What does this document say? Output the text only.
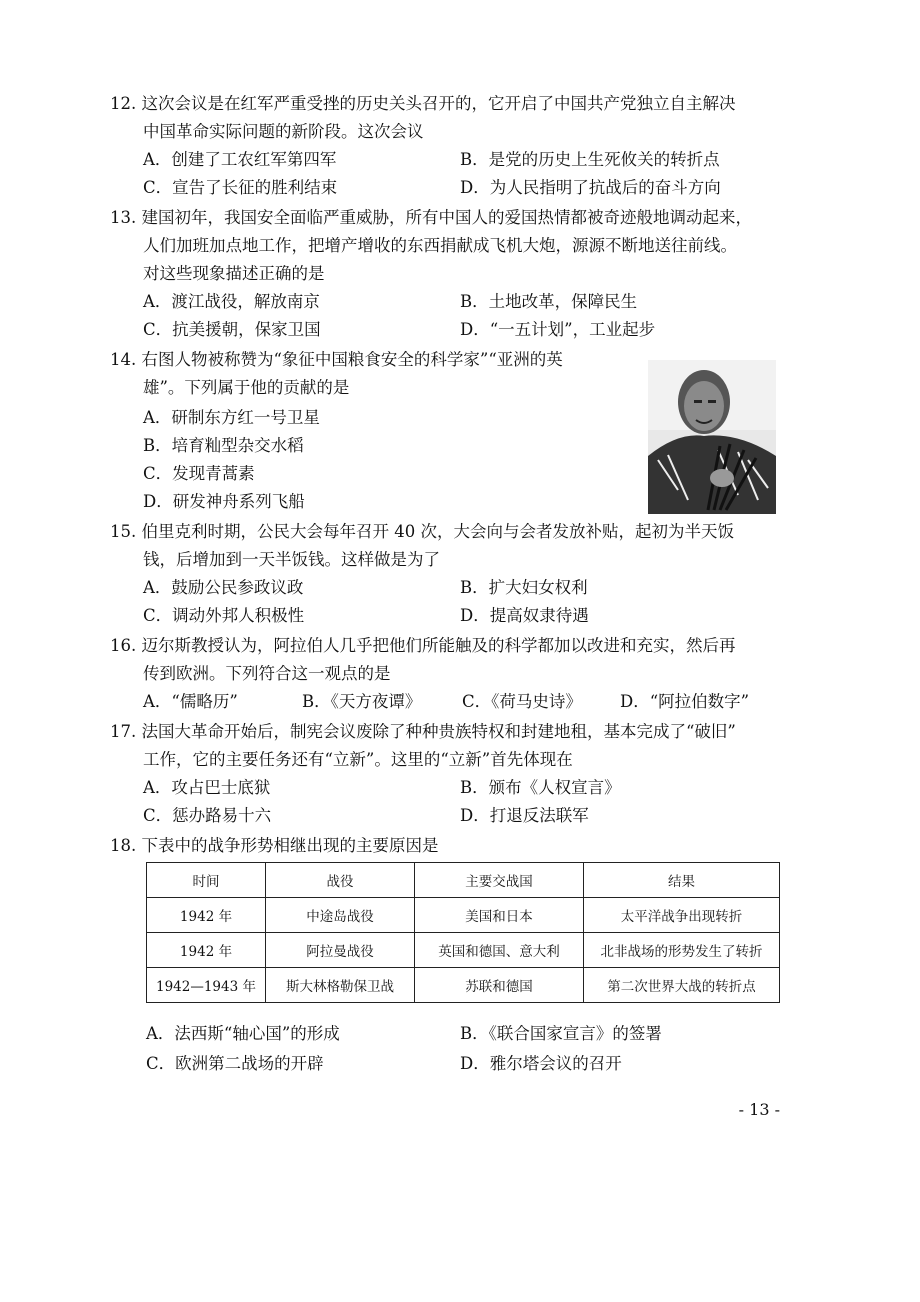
12. 这次会议是在红军严重受挫的历史关头召开的，它开启了中国共产党独立自主解决
中国革命实际问题的新阶段。这次会议
A．创建了工农红军第四军	B．是党的历史上生死攸关的转折点
C．宣告了长征的胜利结束	D．为人民指明了抗战后的奋斗方向
13. 建国初年，我国安全面临严重威胁，所有中国人的爱国热情都被奇迹般地调动起来，
人们加班加点地工作，把增产增收的东西捐献成飞机大炮，源源不断地送往前线。
对这些现象描述正确的是
A．渡江战役，解放南京	B．土地改革，保障民生
C．抗美援朝，保家卫国	D．“一五计划”，工业起步
14. 右图人物被称赞为“象征中国粮食安全的科学家”“亚洲的英
雄”。下列属于他的贡献的是
A．研制东方红一号卫星
B．培育籼型杂交水稻
C．发现青蒿素
D．研发神舟系列飞船
15. 伯里克利时期，公民大会每年召开 40 次，大会向与会者发放补贴，起初为半天饭
钱，后增加到一天半饭钱。这样做是为了
A．鼓励公民参政议政	B．扩大妇女权利
C．调动外邦人积极性	D．提高奴隶待遇
16. 迈尔斯教授认为，阿拉伯人几乎把他们所能触及的科学都加以改进和充实，然后再
传到欧洲。下列符合这一观点的是
A．“儒略历”	B．《天方夜谭》 C．《荷马史诗》 D．“阿拉伯数字”
17. 法国大革命开始后，制宪会议废除了种种贵族特权和封建地租，基本完成了“破旧”
工作，它的主要任务还有“立新”。这里的“立新”首先体现在
A．攻占巴士底狱	B．颁布《人权宣言》
C．惩办路易十六	D．打退反法联军
18. 下表中的战争形势相继出现的主要原因是
时间	战役	主要交战国	结果
1942 年	中途岛战役	美国和日本	太平洋战争出现转折
1942 年	阿拉曼战役	英国和德国、意大利	北非战场的形势发生了转折
1942—1943 年	斯大林格勒保卫战	苏联和德国	第二次世界大战的转折点
A．法西斯“轴心国”的形成	B．《联合国家宣言》的签署
C．欧洲第二战场的开辟	D．雅尔塔会议的召开
- 13 -
